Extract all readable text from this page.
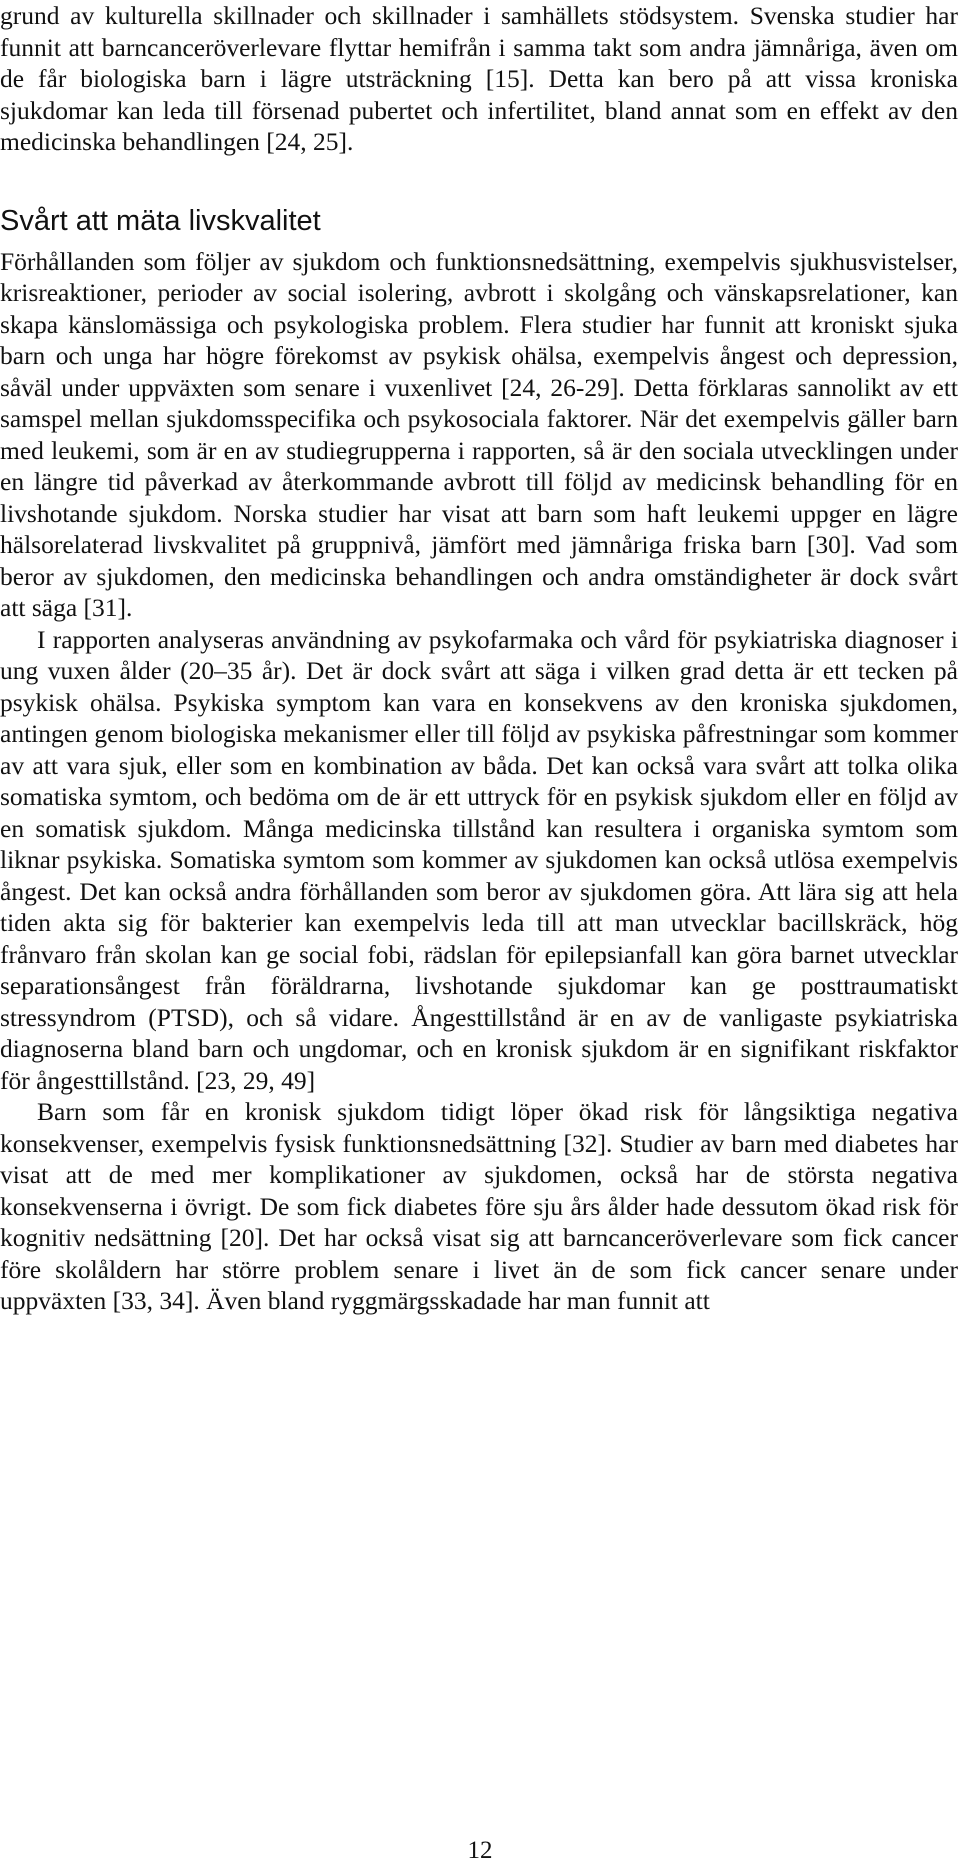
grund av kulturella skillnader och skillnader i samhällets stödsystem. Svenska studier har funnit att barncanceröverlevare flyttar hemifrån i samma takt som andra jämnåriga, även om de får biologiska barn i lägre utsträckning [15]. Detta kan bero på att vissa kroniska sjukdomar kan leda till försenad pubertet och infertilitet, bland annat som en effekt av den medicinska behandlingen [24, 25].

Svårt att mäta livskvalitet

Förhållanden som följer av sjukdom och funktionsnedsättning, exempelvis sjukhusvistelser, krisreaktioner, perioder av social isolering, avbrott i skolgång och vänskapsrelationer, kan skapa känslomässiga och psykologiska problem. Flera studier har funnit att kroniskt sjuka barn och unga har högre förekomst av psykisk ohälsa, exempelvis ångest och depression, såväl under uppväxten som senare i vuxenlivet [24, 26-29]. Detta förklaras sannolikt av ett samspel mellan sjukdomsspecifika och psykosociala faktorer. När det exempelvis gäller barn med leukemi, som är en av studiegrupperna i rapporten, så är den sociala utvecklingen under en längre tid påverkad av återkommande avbrott till följd av medicinsk behandling för en livshotande sjukdom. Norska studier har visat att barn som haft leukemi uppger en lägre hälsorelaterad livskvalitet på gruppnivå, jämfört med jämnåriga friska barn [30]. Vad som beror av sjukdomen, den medicinska behandlingen och andra omständigheter är dock svårt att säga [31].

I rapporten analyseras användning av psykofarmaka och vård för psykiatriska diagnoser i ung vuxen ålder (20–35 år). Det är dock svårt att säga i vilken grad detta är ett tecken på psykisk ohälsa. Psykiska symptom kan vara en konsekvens av den kroniska sjukdomen, antingen genom biologiska mekanismer eller till följd av psykiska påfrestningar som kommer av att vara sjuk, eller som en kombination av båda. Det kan också vara svårt att tolka olika somatiska symtom, och bedöma om de är ett uttryck för en psykisk sjukdom eller en följd av en somatisk sjukdom. Många medicinska tillstånd kan resultera i organiska symtom som liknar psykiska. Somatiska symtom som kommer av sjukdomen kan också utlösa exempelvis ångest. Det kan också andra förhållanden som beror av sjukdomen göra. Att lära sig att hela tiden akta sig för bakterier kan exempelvis leda till att man utvecklar bacillskräck, hög frånvaro från skolan kan ge social fobi, rädslan för epilepsianfall kan göra barnet utvecklar separationsångest från föräldrarna, livshotande sjukdomar kan ge posttraumatiskt stressyndrom (PTSD), och så vidare. Ångesttillstånd är en av de vanligaste psykiatriska diagnoserna bland barn och ungdomar, och en kronisk sjukdom är en signifikant riskfaktor för ångesttillstånd. [23, 29, 49]

Barn som får en kronisk sjukdom tidigt löper ökad risk för långsiktiga negativa konsekvenser, exempelvis fysisk funktionsnedsättning [32]. Studier av barn med diabetes har visat att de med mer komplikationer av sjukdomen, också har de största negativa konsekvenserna i övrigt. De som fick diabetes före sju års ålder hade dessutom ökad risk för kognitiv nedsättning [20]. Det har också visat sig att barncanceröverlevare som fick cancer före skolåldern har större problem senare i livet än de som fick cancer senare under uppväxten [33, 34]. Även bland ryggmärgsskadade har man funnit att

12
